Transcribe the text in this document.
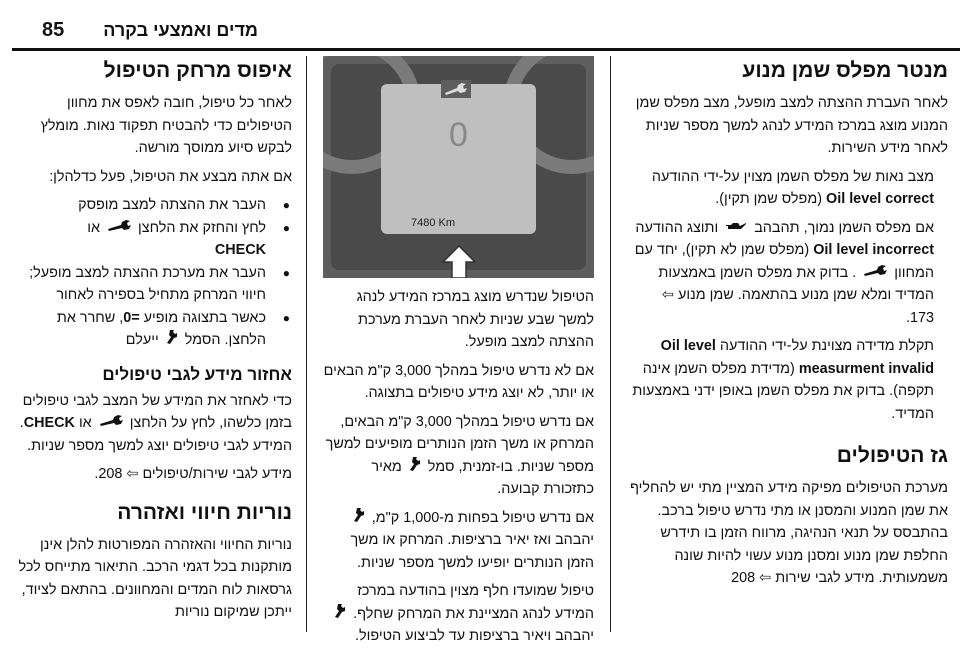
מדים ואמצעי בקרה
85
מנטר מפלס שמן מנוע

לאחר העברת ההצתה למצב מופעל, מצב מפלס שמן המנוע מוצג במרכז המידע לנהג למשך מספר שניות לאחר מידע השירות.

מצב נאות של מפלס השמן מצוין על-ידי ההודעה Oil level correct (מפלס שמן תקין).

אם מפלס השמן נמוך, תהבהב  ותוצג ההודעה Oil level incorrect (מפלס שמן לא תקין), יחד עם המחוון  . בדוק את מפלס השמן באמצעות המדיד ומלא שמן מנוע בהתאמה. שמן מנוע ⇦ 173.

תקלת מדידה מצוינת על-ידי ההודעה Oil level measurment invalid (מדידת מפלס השמן אינה תקפה). בדוק את מפלס השמן באופן ידני באמצעות המדיד.

גז הטיפולים

מערכת הטיפולים מפיקה מידע המציין מתי יש להחליף את שמן המנוע והמסנן או מתי נדרש טיפול ברכב. בהתבסס על תנאי הנהיגה, מרווח הזמן בו תידרש החלפת שמן מנוע ומסנן מנוע עשוי להיות שונה משמעותית. מידע לגבי שירות ⇦ 208

0
7480 Km

הטיפול שנדרש מוצג במרכז המידע לנהג למשך שבע שניות לאחר העברת מערכת ההצתה למצב מופעל.

אם לא נדרש טיפול במהלך 3,000 ק"מ הבאים או יותר, לא יוצג מידע טיפולים בתצוגה.

אם נדרש טיפול במהלך 3,000 ק"מ הבאים, המרחק או משך הזמן הנותרים מופיעים למשך מספר שניות. בו-זמנית, סמל  מאיר כתזכורת קבועה.

אם נדרש טיפול בפחות מ-1,000 ק"מ,  יהבהב ואז יאיר ברציפות. המרחק או משך הזמן הנותרים יופיעו למשך מספר שניות.

טיפול שמועדו חלף מצוין בהודעה במרכז המידע לנהג המציינת את המרחק שחלף.  יהבהב ויאיר ברציפות עד לביצוע הטיפול.

איפוס מרחק הטיפול

לאחר כל טיפול, חובה לאפס את מחוון הטיפולים כדי להבטיח תפקוד נאות. מומלץ לבקש סיוע ממוסך מורשה.

אם אתה מבצע את הטיפול, פעל כדלהלן:

● העבר את ההצתה למצב מופסק
● לחץ והחזק את הלחצן  או
CHECK
● העבר את מערכת ההצתה למצב מופעל; חיווי המרחק מתחיל בספירה לאחור
● כאשר בתצוגה מופיע =0, שחרר את הלחצן. הסמל  ייעלם
אחזור מידע לגבי טיפולים

כדי לאחזר את המידע של המצב לגבי טיפולים בזמן כלשהו, לחץ על הלחצן  או CHECK. המידע לגבי טיפולים יוצג למשך מספר שניות.

מידע לגבי שירות/טיפולים ⇦ 208.

נוריות חיווי ואזהרה

נוריות החיווי והאזהרה המפורטות להלן אינן מותקנות בכל דגמי הרכב. התיאור מתייחס לכל גרסאות לוח המדים והמחוונים. בהתאם לציוד, ייתכן שמיקום נוריות
